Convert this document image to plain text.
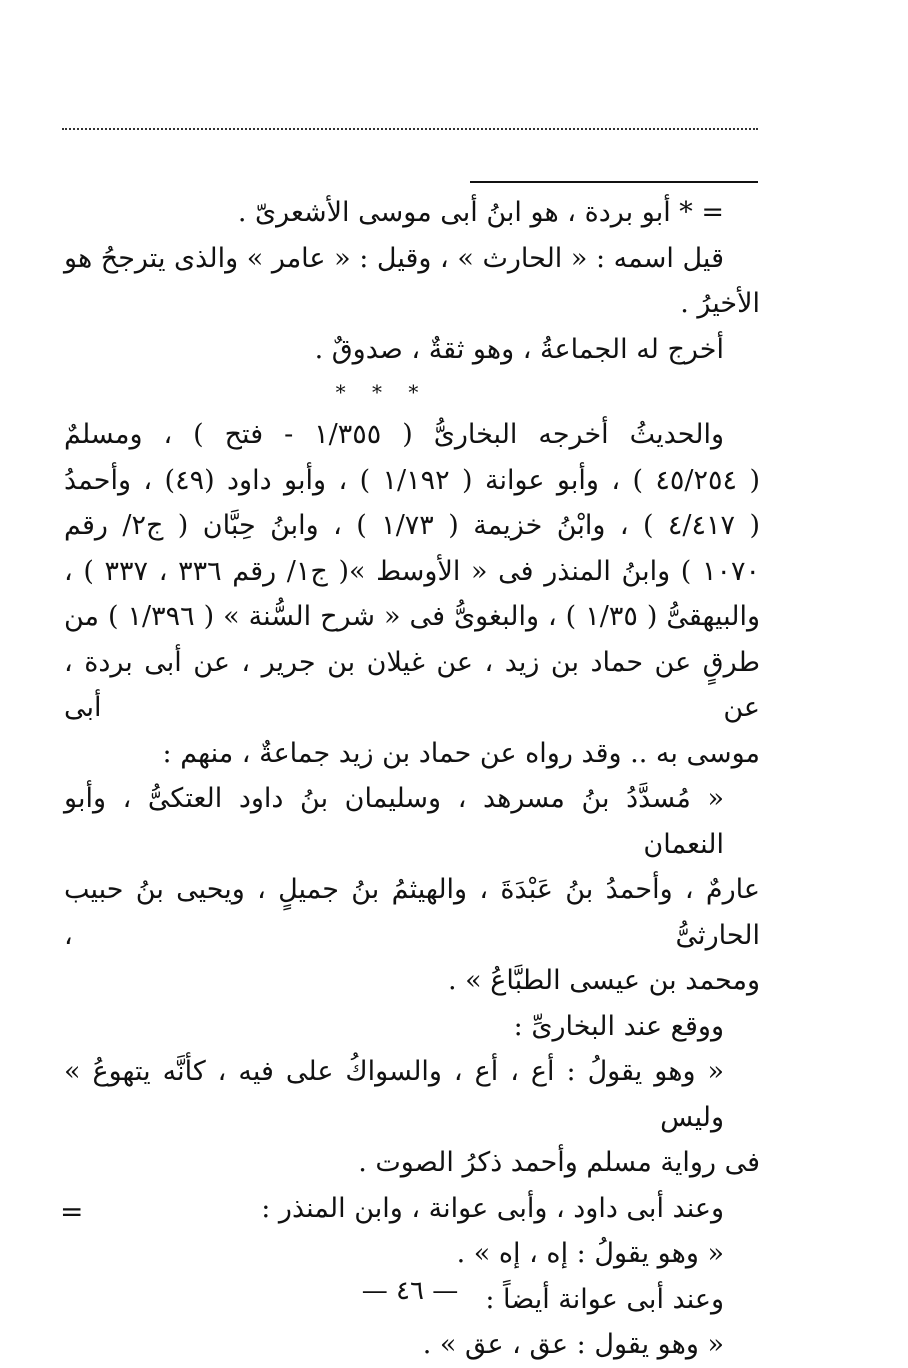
= * أبو بردة ، هو ابنُ أبى موسى الأشعرىّ .
قيل اسمه : « الحارث » ، وقيل : « عامر » والذى يترجحُ هو
الأخيرُ .
أخرج له الجماعةُ ، وهو ثقةٌ ، صدوقٌ .
* * *
والحديثُ أخرجه البخارىُّ ( ١/٣٥٥ - فتح ) ، ومسلمٌ
( ٤٥/٢٥٤ ) ، وأبو عوانة ( ١/١٩٢ ) ، وأبو داود (٤٩) ، وأحمدُ
( ٤/٤١٧ ) ، وابْنُ خزيمة ( ١/٧٣ ) ، وابنُ حِبَّان ( ج٢/ رقم
١٠٧٠ ) وابنُ المنذر فى « الأوسط »( ج١/ رقم ٣٣٦ ، ٣٣٧ ) ،
والبيهقىُّ ( ١/٣٥ ) ، والبغوىُّ فى « شرح السُّنة » ( ١/٣٩٦ ) من
طرقٍ عن حماد بن زيد ، عن غيلان بن جرير ، عن أبى بردة ، عن أبى
موسى به .. وقد رواه عن حماد بن زيد جماعةٌ ، منهم :
« مُسدَّدُ بنُ مسرهد ، وسليمان بنُ داود العتكىُّ ، وأبو النعمان
عارمٌ ، وأحمدُ بنُ عَبْدَةَ ، والهيثمُ بنُ جميلٍ ، ويحيى بنُ حبيب الحارثىُّ ،
ومحمد بن عيسى الطبَّاعُ » .
ووقع عند البخارىِّ :
« وهو يقولُ : أع ، أع ، والسواكُ على فيه ، كأنَّه يتهوعُ » وليس
فى رواية مسلم وأحمد ذكرُ الصوت .
وعند أبى داود ، وأبى عوانة ، وابن المنذر :
« وهو يقولُ : إه ، إه » .
وعند أبى عوانة أيضاً :
« وهو يقول : عق ، عق » .
=
— ٤٦ —
